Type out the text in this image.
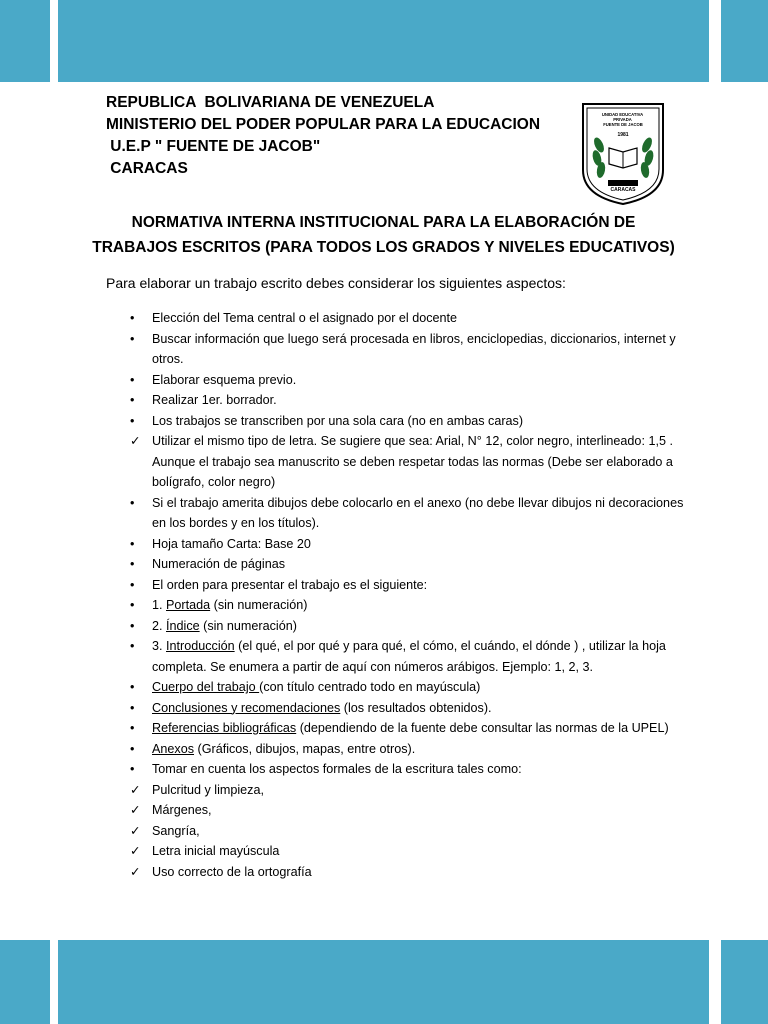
REPUBLICA  BOLIVARIANA DE VENEZUELA
MINISTERIO DEL PODER POPULAR PARA LA EDUCACION
U.E.P " FUENTE DE JACOB"
CARACAS
UNIDAD EDUCATIVA PRIVADA FUENTE DE JACOB
1981
CARACAS
NORMATIVA INTERNA INSTITUCIONAL PARA LA ELABORACIÓN DE
TRABAJOS ESCRITOS (PARA TODOS LOS GRADOS Y NIVELES EDUCATIVOS)
Para elaborar un trabajo escrito debes considerar los siguientes aspectos:
•	Elección del Tema central o el asignado por el docente
•	Buscar información que luego será procesada en libros, enciclopedias, diccionarios, internet y otros.
•	Elaborar esquema previo.
•	Realizar 1er. borrador.
•	Los trabajos se transcriben por una sola cara (no en ambas caras)
✓ Utilizar el mismo tipo de letra. Se sugiere que sea: Arial, N° 12, color negro, interlineado: 1,5 . Aunque el trabajo sea manuscrito se deben respetar todas las normas (Debe ser elaborado a bolígrafo, color negro)
•	Si el trabajo amerita dibujos debe colocarlo en el anexo (no debe llevar dibujos ni decoraciones en los bordes y en los títulos).
•	Hoja tamaño Carta: Base 20
•	Numeración de páginas
•	El orden para presentar el trabajo es el siguiente:
•	1. Portada (sin numeración)
•	2. Índice (sin numeración)
•	3. Introducción (el qué, el por qué y para qué, el cómo, el cuándo, el dónde ) , utilizar la hoja completa. Se enumera a partir de aquí con números arábigos. Ejemplo: 1, 2, 3.
•	Cuerpo del trabajo (con título centrado todo en mayúscula)
•	Conclusiones y recomendaciones (los resultados obtenidos).
•	Referencias bibliográficas (dependiendo de la fuente debe consultar las normas de la UPEL)
•	Anexos (Gráficos, dibujos, mapas, entre otros).
•	Tomar en cuenta los aspectos formales de la escritura tales como:
✓ Pulcritud y limpieza,
✓ Márgenes,
✓ Sangría,
✓ Letra inicial mayúscula
✓ Uso correcto de la ortografía
